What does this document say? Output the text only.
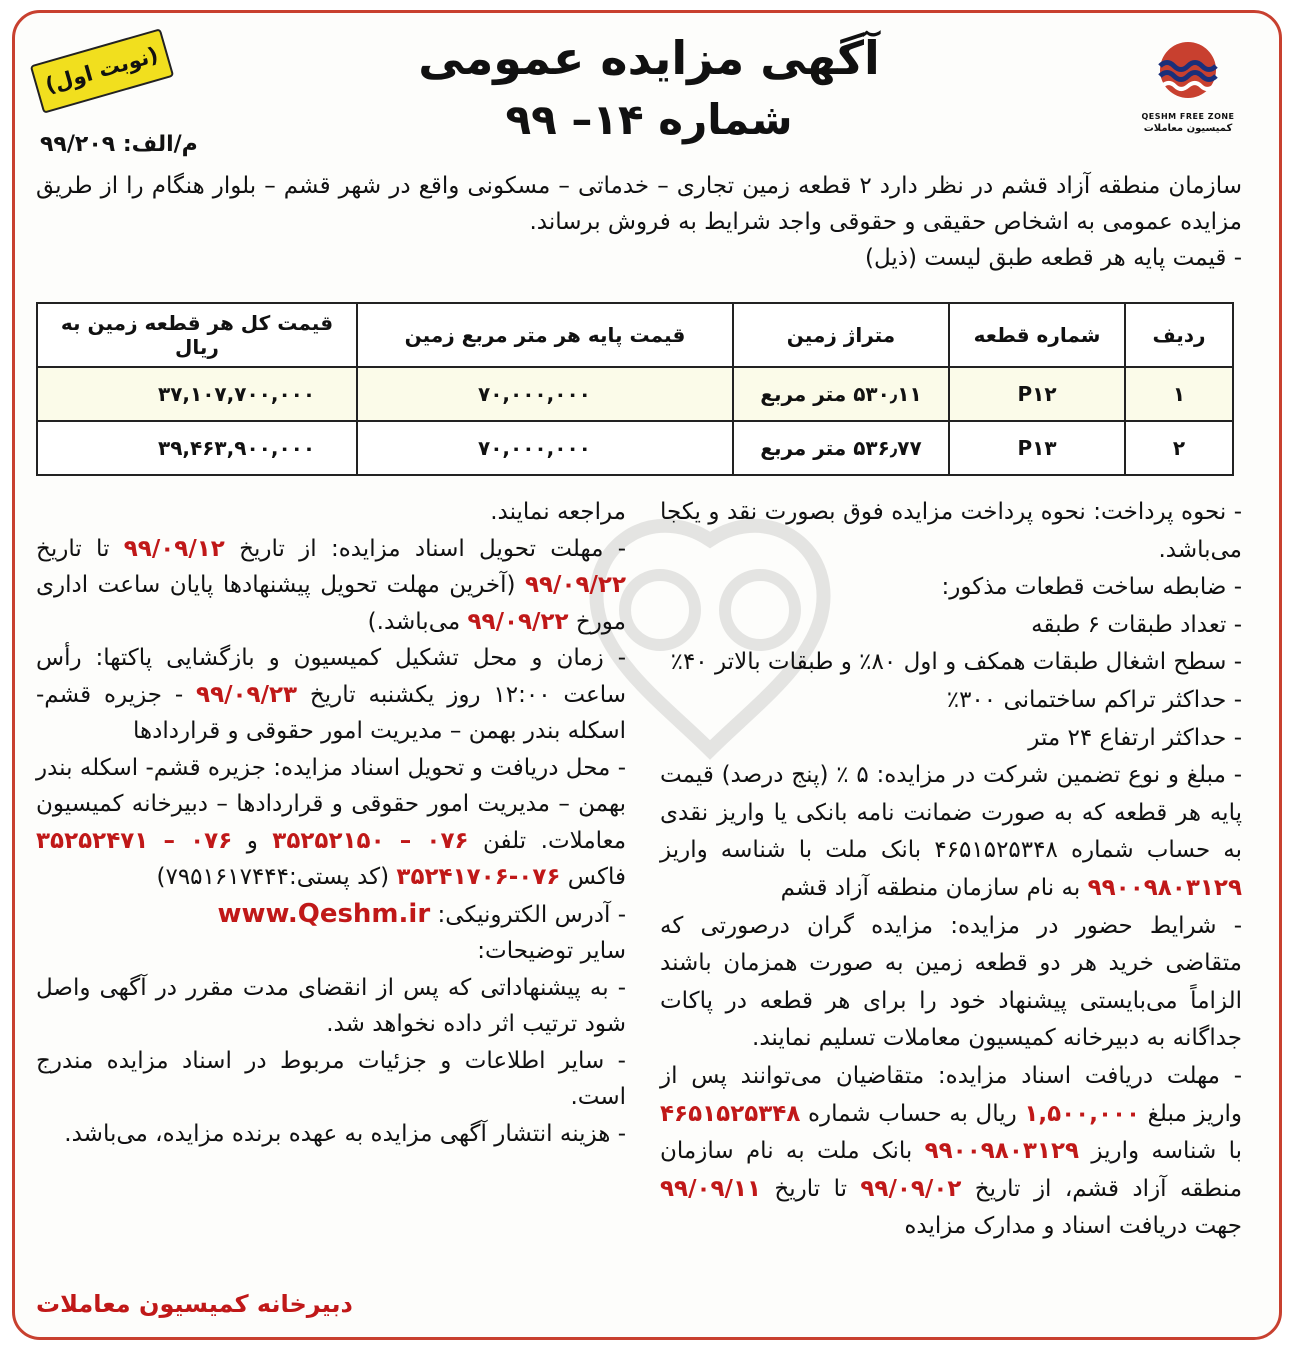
QESHM FREE ZONE
کمیسیون معاملات
آگهی مزایده عمومی
شماره ۱۴– ۹۹
(نوبت اول)
م/الف: ۹۹/۲۰۹

سازمان منطقه آزاد قشم در نظر دارد ۲ قطعه زمین تجاری – خدماتی – مسکونی واقع در شهر قشم – بلوار هنگام را از طریق مزایده عمومی به اشخاص حقیقی و حقوقی واجد شرایط به فروش برساند.

- قیمت پایه هر قطعه طبق لیست (ذیل)

ردیف	شماره قطعه	متراژ زمین	قیمت پایه هر متر مربع زمین	قیمت کل هر قطعه زمین به ریال
۱	P۱۲	۵۳۰٫۱۱ متر مربع	۷۰,۰۰۰,۰۰۰	۳۷,۱۰۷,۷۰۰,۰۰۰
۲	P۱۳	۵۳۶٫۷۷ متر مربع	۷۰,۰۰۰,۰۰۰	۳۹,۴۶۳,۹۰۰,۰۰۰

- نحوه پرداخت: نحوه پرداخت مزایده فوق بصورت نقد و یکجا می‌باشد.

- ضابطه ساخت قطعات مذکور:

- تعداد طبقات ۶ طبقه

- سطح اشغال طبقات همکف و اول ۸۰٪ و طبقات بالاتر ۴۰٪

- حداکثر تراکم ساختمانی ۳۰۰٪

- حداکثر ارتفاع ۲۴ متر

- مبلغ و نوع تضمین شرکت در مزایده: ۵ ٪ (پنج درصد) قیمت پایه هر قطعه که به صورت ضمانت نامه بانکی یا واریز نقدی به حساب شماره ۴۶۵۱۵۲۵۳۴۸ بانک ملت با شناسه واریز ۹۹۰۰۹۸۰۳۱۲۹ به نام سازمان منطقه آزاد قشم

- شرایط حضور در مزایده: مزایده گران درصورتی که متقاضی خرید هر دو قطعه زمین به صورت همزمان باشند الزاماً می‌بایستی پیشنهاد خود را برای هر قطعه در پاکات جداگانه به دبیرخانه کمیسیون معاملات تسلیم نمایند.

- مهلت دریافت اسناد مزایده: متقاضیان می‌توانند پس از واریز مبلغ ۱,۵۰۰,۰۰۰ ریال به حساب شماره ۴۶۵۱۵۲۵۳۴۸ با شناسه واریز ۹۹۰۰۹۸۰۳۱۲۹ بانک ملت به نام سازمان منطقه آزاد قشم، از تاریخ ۹۹/۰۹/۰۲ تا تاریخ ۹۹/۰۹/۱۱ جهت دریافت اسناد و مدارک مزایده

مراجعه نمایند.

- مهلت تحویل اسناد مزایده: از تاریخ ۹۹/۰۹/۱۲ تا تاریخ ۹۹/۰۹/۲۲ (آخرین مهلت تحویل پیشنهادها پایان ساعت اداری مورخ ۹۹/۰۹/۲۲ می‌باشد.)

- زمان و محل تشکیل کمیسیون و بازگشایی پاکتها: رأس ساعت ۱۲:۰۰ روز یکشنبه تاریخ ۹۹/۰۹/۲۳ - جزیره قشم- اسکله بندر بهمن – مدیریت امور حقوقی و قراردادها

- محل دریافت و تحویل اسناد مزایده: جزیره قشم- اسکله بندر بهمن – مدیریت امور حقوقی و قراردادها – دبیرخانه کمیسیون معاملات. تلفن ۰۷۶ – ۳۵۲۵۲۱۵۰ و ۰۷۶ – ۳۵۲۵۲۴۷۱ فاکس ۰۷۶-۳۵۲۴۱۷۰۶ (کد پستی:۷۹۵۱۶۱۷۴۴۴)

- آدرس الکترونیکی: www.Qeshm.ir

سایر توضیحات:

- به پیشنهاداتی که پس از انقضای مدت مقرر در آگهی واصل شود ترتیب اثر داده نخواهد شد.

- سایر اطلاعات و جزئیات مربوط در اسناد مزایده مندرج است.

- هزینه انتشار آگهی مزایده به عهده برنده مزایده، می‌باشد.

دبیرخانه کمیسیون معاملات
